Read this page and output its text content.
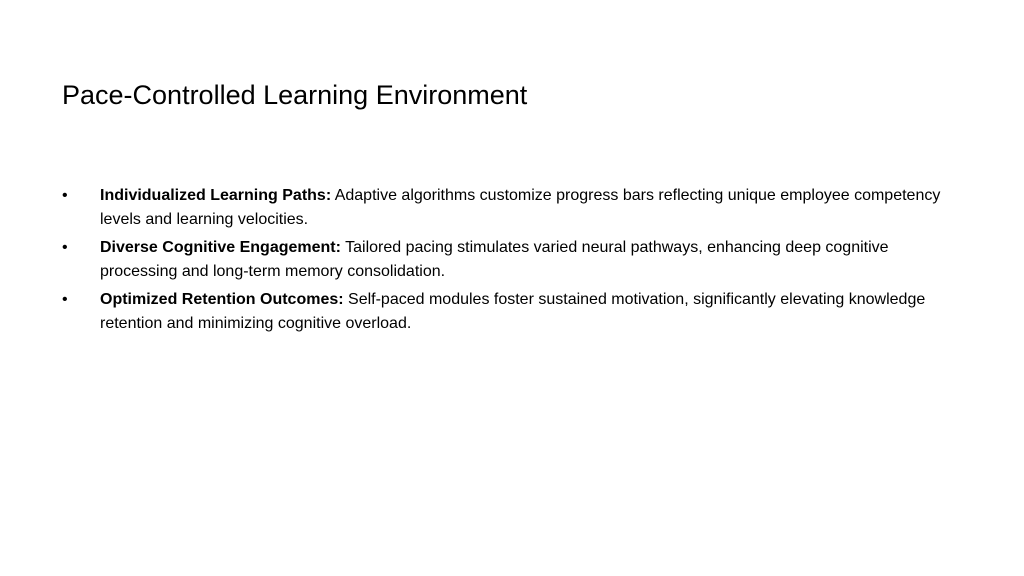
Pace-Controlled Learning Environment
• Individualized Learning Paths: Adaptive algorithms customize progress bars reflecting unique employee competency levels and learning velocities.
• Diverse Cognitive Engagement: Tailored pacing stimulates varied neural pathways, enhancing deep cognitive processing and long-term memory consolidation.
• Optimized Retention Outcomes: Self-paced modules foster sustained motivation, significantly elevating knowledge retention and minimizing cognitive overload.
